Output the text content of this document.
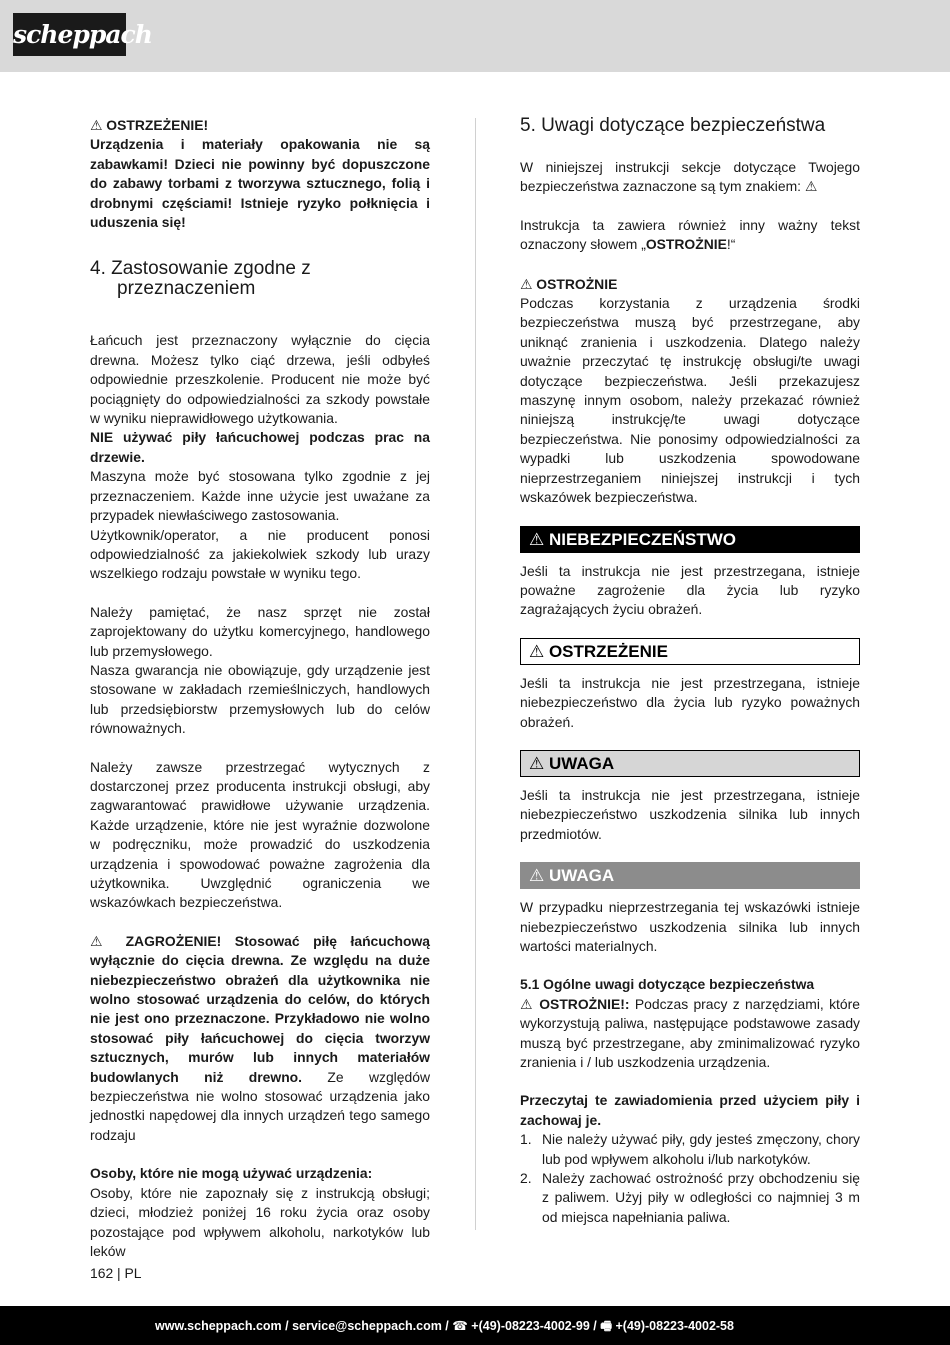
scheppach

⚠ OSTRZEŻENIE!

Urządzenia i materiały opakowania nie są zabawkami! Dzieci nie powinny być dopuszczone do zabawy torbami z tworzywa sztucznego, folią i drobnymi częściami! Istnieje ryzyko połknięcia i uduszenia się!

4. Zastosowanie zgodne z przeznaczeniem

Łańcuch jest przeznaczony wyłącznie do cięcia drewna. Możesz tylko ciąć drzewa, jeśli odbyłeś odpowiednie przeszkolenie. Producent nie może być pociągnięty do odpowiedzialności za szkody powstałe w wyniku nieprawidłowego użytkowania.

NIE używać piły łańcuchowej podczas prac na drzewie.

Maszyna może być stosowana tylko zgodnie z jej przeznaczeniem. Każde inne użycie jest uważane za przypadek niewłaściwego zastosowania.

Użytkownik/operator, a nie producent ponosi odpowiedzialność za jakiekolwiek szkody lub urazy wszelkiego rodzaju powstałe w wyniku tego.

Należy pamiętać, że nasz sprzęt nie został zaprojektowany do użytku komercyjnego, handlowego lub przemysłowego.

Nasza gwarancja nie obowiązuje, gdy urządzenie jest stosowane w zakładach rzemieślniczych, handlowych lub przedsiębiorstw przemysłowych lub do celów równoważnych.

Należy zawsze przestrzegać wytycznych z dostarczonej przez producenta instrukcji obsługi, aby zagwarantować prawidłowe używanie urządzenia. Każde urządzenie, które nie jest wyraźnie dozwolone w podręczniku, może prowadzić do uszkodzenia urządzenia i spowodować poważne zagrożenia dla użytkownika. Uwzględnić ograniczenia we wskazówkach bezpieczeństwa.

⚠ ZAGROŻENIE! Stosować piłę łańcuchową wyłącznie do cięcia drewna. Ze względu na duże niebezpieczeństwo obrażeń dla użytkownika nie wolno stosować urządzenia do celów, do których nie jest ono przeznaczone. Przykładowo nie wolno stosować piły łańcuchowej do cięcia tworzyw sztucznych, murów lub innych materiałów budowlanych niż drewno. Ze względów bezpieczeństwa nie wolno stosować urządzenia jako jednostki napędowej dla innych urządzeń tego samego rodzaju

Osoby, które nie mogą używać urządzenia:

Osoby, które nie zapoznały się z instrukcją obsługi; dzieci, młodzież poniżej 16 roku życia oraz osoby pozostające pod wpływem alkoholu, narkotyków lub leków

5. Uwagi dotyczące bezpieczeństwa

W niniejszej instrukcji sekcje dotyczące Twojego bezpieczeństwa zaznaczone są tym znakiem: ⚠

Instrukcja ta zawiera również inny ważny tekst oznaczony słowem „OSTROŻNIE!“

⚠ OSTROŻNIE

Podczas korzystania z urządzenia środki bezpieczeństwa muszą być przestrzegane, aby uniknąć zranienia i uszkodzenia. Dlatego należy uważnie przeczytać tę instrukcję obsługi/te uwagi dotyczące bezpieczeństwa. Jeśli przekazujesz maszynę innym osobom, należy przekazać również niniejszą instrukcję/te uwagi dotyczące bezpieczeństwa. Nie ponosimy odpowiedzialności za wypadki lub uszkodzenia spowodowane nieprzestrzeganiem niniejszej instrukcji i tych wskazówek bezpieczeństwa.

⚠ NIEBEZPIECZEŃSTWO

Jeśli ta instrukcja nie jest przestrzegana, istnieje poważne zagrożenie dla życia lub ryzyko zagrażających życiu obrażeń.

⚠ OSTRZEŻENIE

Jeśli ta instrukcja nie jest przestrzegana, istnieje niebezpieczeństwo dla życia lub ryzyko poważnych obrażeń.

⚠ UWAGA

Jeśli ta instrukcja nie jest przestrzegana, istnieje niebezpieczeństwo uszkodzenia silnika lub innych przedmiotów.

⚠ UWAGA

W przypadku nieprzestrzegania tej wskazówki istnieje niebezpieczeństwo uszkodzenia silnika lub innych wartości materialnych.

5.1 Ogólne uwagi dotyczące bezpieczeństwa

⚠ OSTROŻNIE!: Podczas pracy z narzędziami, które wykorzystują paliwa, następujące podstawowe zasady muszą być przestrzegane, aby zminimalizować ryzyko zranienia i / lub uszkodzenia urządzenia.

Przeczytaj te zawiadomienia przed użyciem piły i zachowaj je.

1. Nie należy używać piły, gdy jesteś zmęczony, chory lub pod wpływem alkoholu i/lub narkotyków.
2. Należy zachować ostrożność przy obchodzeniu się z paliwem. Użyj piły w odległości co najmniej 3 m od miejsca napełniania paliwa.
162 | PL
www.scheppach.com / service@scheppach.com / ☎ +(49)-08223-4002-99 / 🖷 +(49)-08223-4002-58
